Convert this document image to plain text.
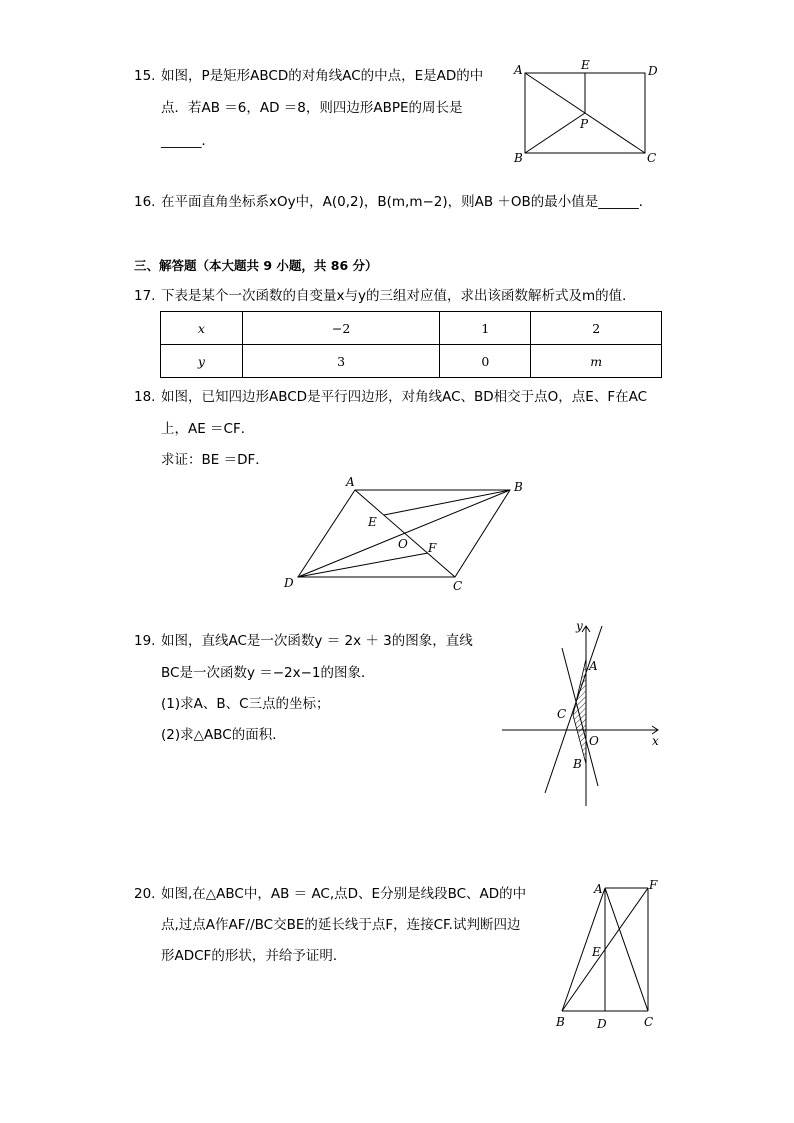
15. 如图，P是矩形ABCD的对角线AC的中点，E是AD的中
点．若AB ＝6，AD ＝8，则四边形ABPE的周长是
______．
A	E	D
P
B	C
16. 在平面直角坐标系xOy中，A(0,2)，B(m,m−2)，则AB ＋OB的最小值是______．
三、解答题（本大题共 9 小题，共 86 分）
17. 下表是某个一次函数的自变量x与y的三组对应值，求出该函数解析式及m的值．
x	−2	1	2
y	3	0	m
18. 如图，已知四边形ABCD是平行四边形，对角线AC、BD相交于点O，点E、F在AC
上，AE ＝CF．
求证：BE ＝DF．
A	B
E
O F
D	C
19. 如图，直线AC是一次函数y ＝ 2x ＋ 3的图象，直线
BC是一次函数y ＝−2x−1的图象．
(1)求A、B、C三点的坐标；
(2)求△ABC的面积．
y
A
C
O	x
B
20. 如图,在△ABC中，AB ＝ AC,点D、E分别是线段BC、AD的中
点,过点A作AF//BC交BE的延长线于点F，连接CF.试判断四边
形ADCF的形状，并给予证明．
A	F
E
B	D	C
